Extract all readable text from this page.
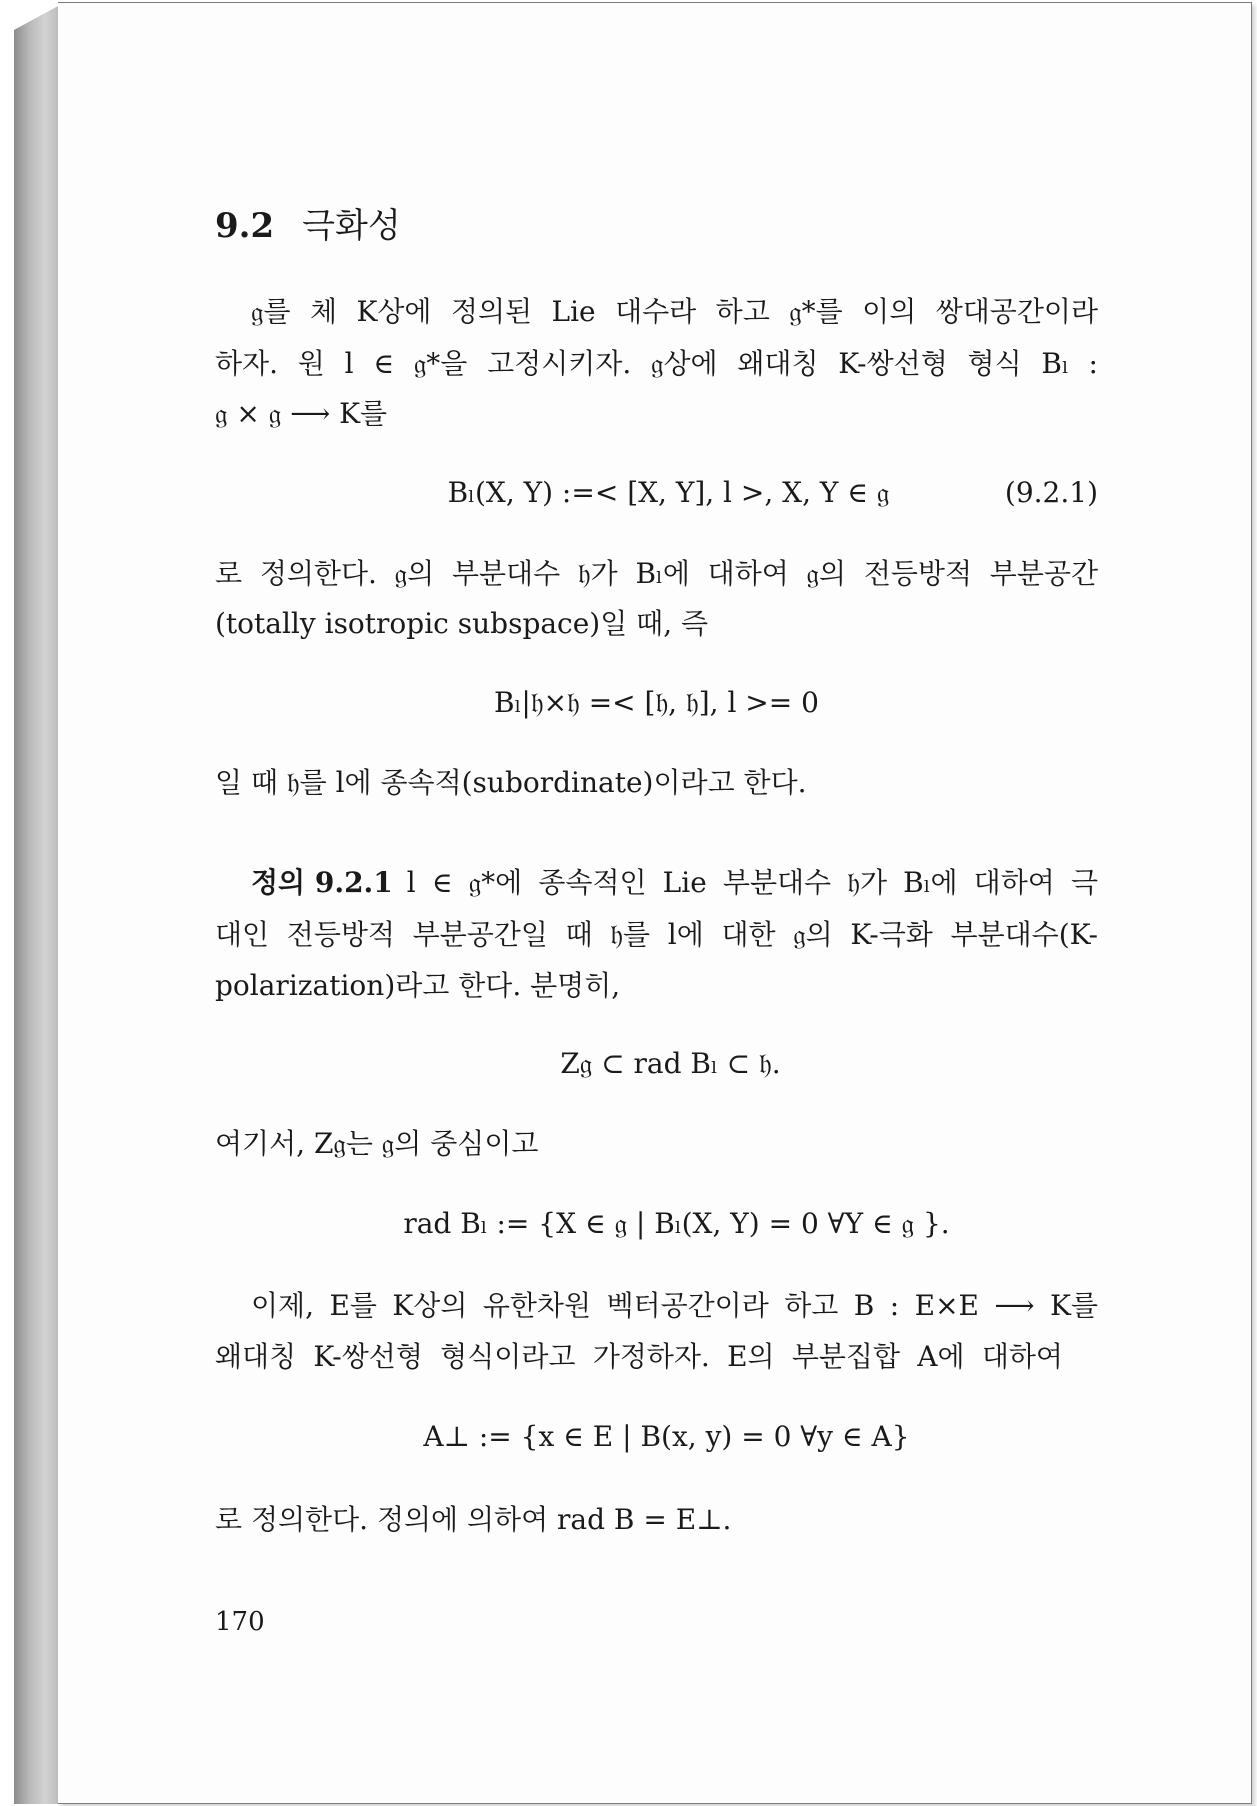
9.2 극화성
𝔤를 체 K상에 정의된 Lie 대수라 하고 𝔤*를 이의 쌍대공간이라
하자. 원 l ∈ 𝔤*을 고정시키자. 𝔤상에 왜대칭 K-쌍선형 형식 Bₗ :
𝔤 × 𝔤 ⟶ K를
Bₗ(X, Y) :=< [X, Y], l >, X, Y ∈ 𝔤	(9.2.1)
로 정의한다. 𝔤의 부분대수 𝔥가 Bₗ에 대하여 𝔤의 전등방적 부분공간
(totally isotropic subspace)일 때, 즉
Bₗ|𝔥×𝔥 =< [𝔥, 𝔥], l >= 0
일 때 𝔥를 l에 종속적(subordinate)이라고 한다.
정의 9.2.1 l ∈ 𝔤*에 종속적인 Lie 부분대수 𝔥가 Bₗ에 대하여 극
대인 전등방적 부분공간일 때 𝔥를 l에 대한 𝔤의 K-극화 부분대수(K-
polarization)라고 한다. 분명히,
Z𝔤 ⊂ rad Bₗ ⊂ 𝔥.
여기서, Z𝔤는 𝔤의 중심이고
rad Bₗ := {X ∈ 𝔤 | Bₗ(X, Y) = 0 ∀Y ∈ 𝔤 }.
이제, E를 K상의 유한차원 벡터공간이라 하고 B : E×E ⟶ K를
왜대칭 K-쌍선형 형식이라고 가정하자. E의 부분집합 A에 대하여
A⊥ := {x ∈ E | B(x, y) = 0 ∀y ∈ A}
로 정의한다. 정의에 의하여 rad B = E⊥.
170
